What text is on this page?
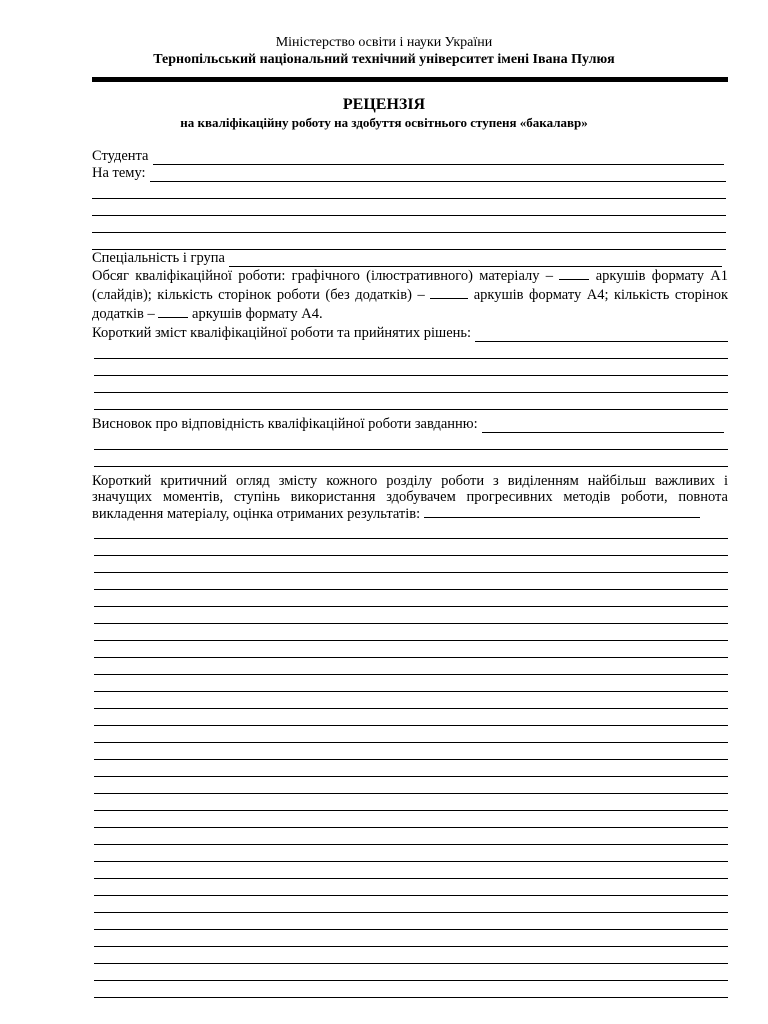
Міністерство освіти і науки України
Тернопільський національний технічний університет імені Івана Пулюя
РЕЦЕНЗІЯ
на кваліфікаційну роботу на здобуття освітнього ступеня «бакалавр»
Студента
На тему:
Спеціальність і група
Обсяг кваліфікаційної роботи: графічного (ілюстративного) матеріалу –	аркушів формату А1 (слайдів); кількість сторінок роботи (без додатків) –	аркушів формату А4; кількість сторінок додатків –	аркушів формату А4.
Короткий зміст кваліфікаційної роботи та прийнятих рішень:
Висновок про відповідність кваліфікаційної роботи завданню:
Короткий критичний огляд змісту кожного розділу роботи з виділенням найбільш важливих і значущих моментів, ступінь використання здобувачем прогресивних методів роботи, повнота викладення матеріалу, оцінка отриманих результатів:
